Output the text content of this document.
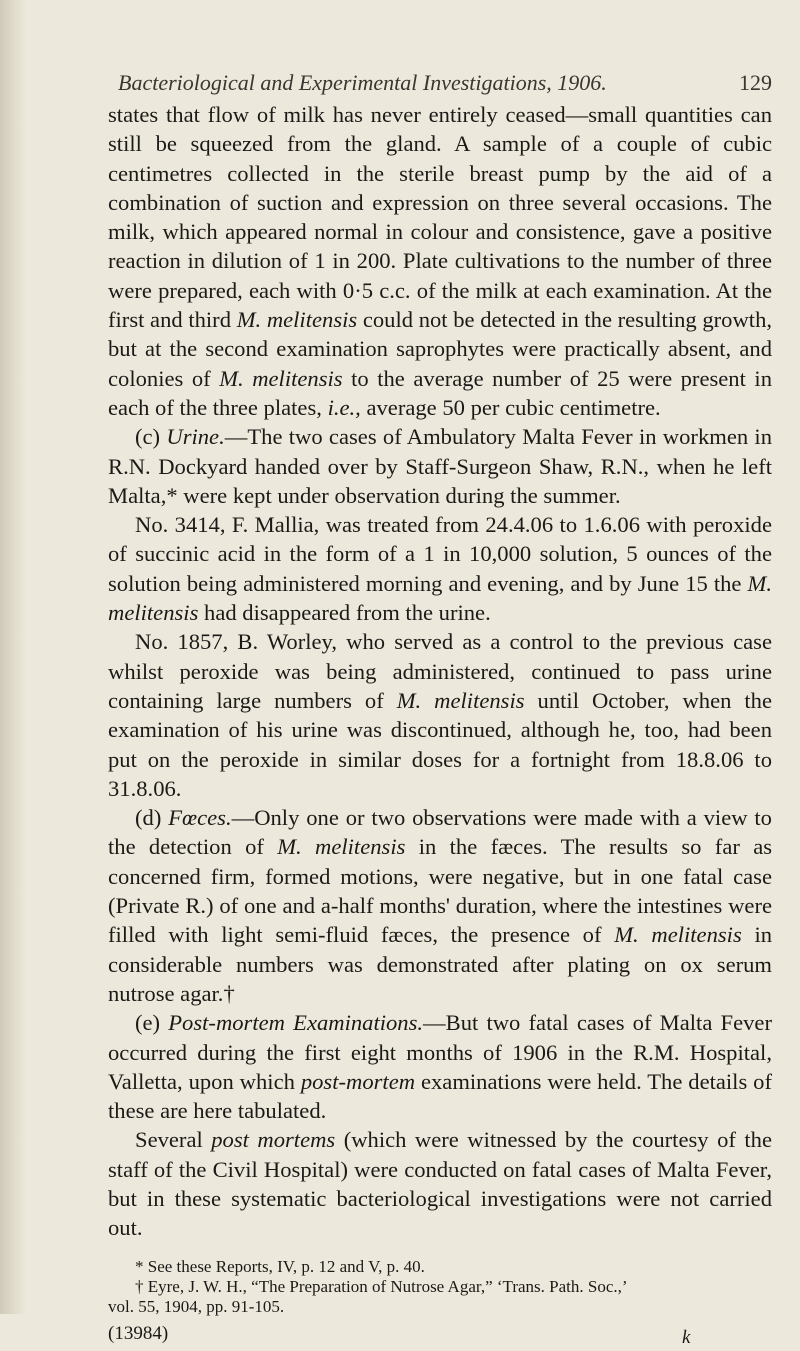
Bacteriological and Experimental Investigations, 1906.	129

states that flow of milk has never entirely ceased—small quantities can still be squeezed from the gland. A sample of a couple of cubic centimetres collected in the sterile breast pump by the aid of a combination of suction and expression on three several occasions. The milk, which appeared normal in colour and consistence, gave a positive reaction in dilution of 1 in 200. Plate cultivations to the number of three were prepared, each with 0·5 c.c. of the milk at each examination. At the first and third M. melitensis could not be detected in the resulting growth, but at the second examination saprophytes were practically absent, and colonies of M. melitensis to the average number of 25 were present in each of the three plates, i.e., average 50 per cubic centimetre.

(c) Urine.—The two cases of Ambulatory Malta Fever in workmen in R.N. Dockyard handed over by Staff-Surgeon Shaw, R.N., when he left Malta,* were kept under observation during the summer.

No. 3414, F. Mallia, was treated from 24.4.06 to 1.6.06 with peroxide of succinic acid in the form of a 1 in 10,000 solution, 5 ounces of the solution being administered morning and evening, and by June 15 the M. melitensis had disappeared from the urine.

No. 1857, B. Worley, who served as a control to the previous case whilst peroxide was being administered, continued to pass urine containing large numbers of M. melitensis until October, when the examination of his urine was discontinued, although he, too, had been put on the peroxide in similar doses for a fortnight from 18.8.06 to 31.8.06.

(d) Fœces.—Only one or two observations were made with a view to the detection of M. melitensis in the fæces. The results so far as concerned firm, formed motions, were negative, but in one fatal case (Private R.) of one and a-half months' duration, where the intestines were filled with light semi-fluid fæces, the presence of M. melitensis in considerable numbers was demonstrated after plating on ox serum nutrose agar.†

(e) Post-mortem Examinations.—But two fatal cases of Malta Fever occurred during the first eight months of 1906 in the R.M. Hospital, Valletta, upon which post-mortem examinations were held. The details of these are here tabulated.

Several post mortems (which were witnessed by the courtesy of the staff of the Civil Hospital) were conducted on fatal cases of Malta Fever, but in these systematic bacteriological investigations were not carried out.

* See these Reports, IV, p. 12 and V, p. 40.

† Eyre, J. W. H., “The Preparation of Nutrose Agar,” ‘Trans. Path. Soc.,’
vol. 55, 1904, pp. 91-105.

(13984)	k
